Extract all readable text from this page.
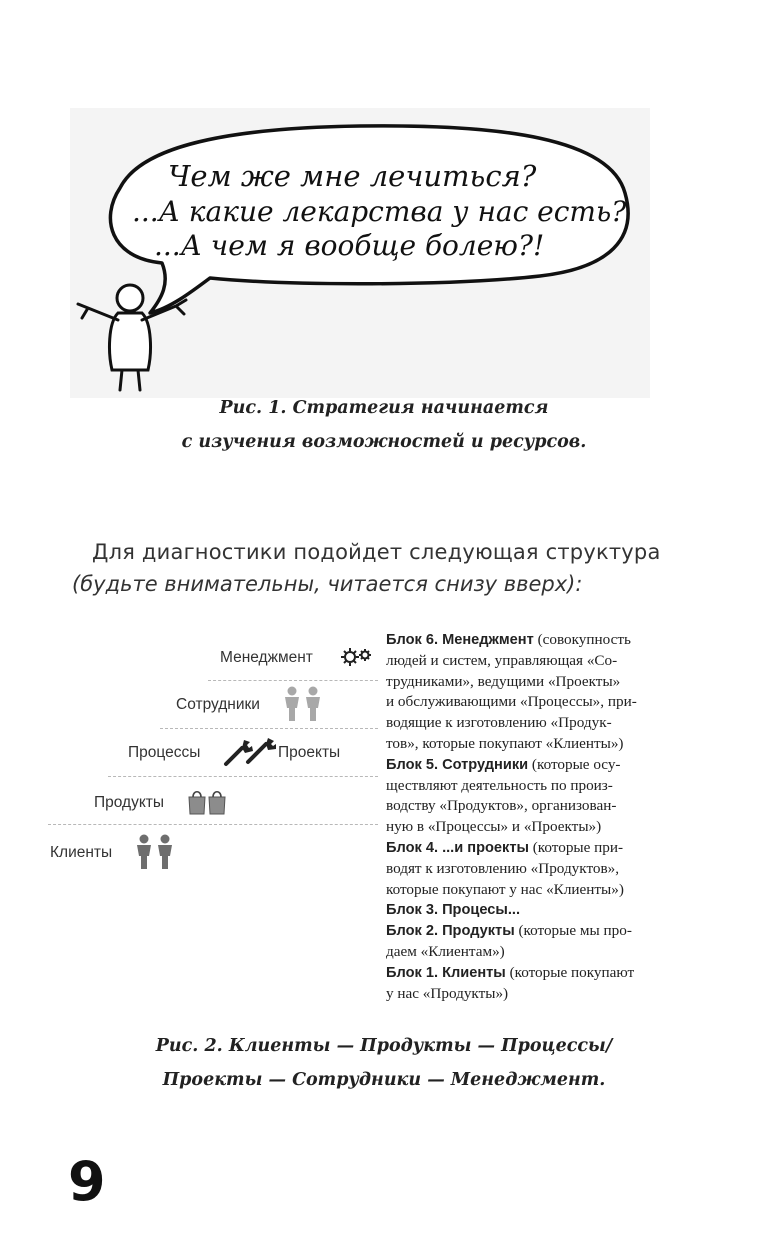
Чем же мне лечиться?
...А какие лекарства у нас есть?
...А чем я вообще болею?!
Рис. 1. Стратегия начинается
с изучения возможностей и ресурсов.
Для диагностики подойдет следующая структура
(будьте внимательны, читается снизу вверх):
Менеджмент
Сотрудники
Процессы	Проекты
Продукты
Клиенты
Блок 6. Менеджмент (совокупность
людей и систем, управляющая «Со-
трудниками», ведущими «Проекты»
и обслуживающими «Процессы», при-
водящие к изготовлению «Продук-
тов», которые покупают «Клиенты»)
Блок 5. Сотрудники (которые осу-
ществляют деятельность по произ-
водству «Продуктов», организован-
ную в «Процессы» и «Проекты»)
Блок 4. ...и проекты (которые при-
водят к изготовлению «Продуктов»,
которые покупают у нас «Клиенты»)
Блок 3. Процесы...
Блок 2. Продукты (которые мы про-
даем «Клиентам»)
Блок 1. Клиенты (которые покупают
у нас «Продукты»)
Рис. 2. Клиенты — Продукты — Процессы/
Проекты — Сотрудники — Менеджмент.
9
